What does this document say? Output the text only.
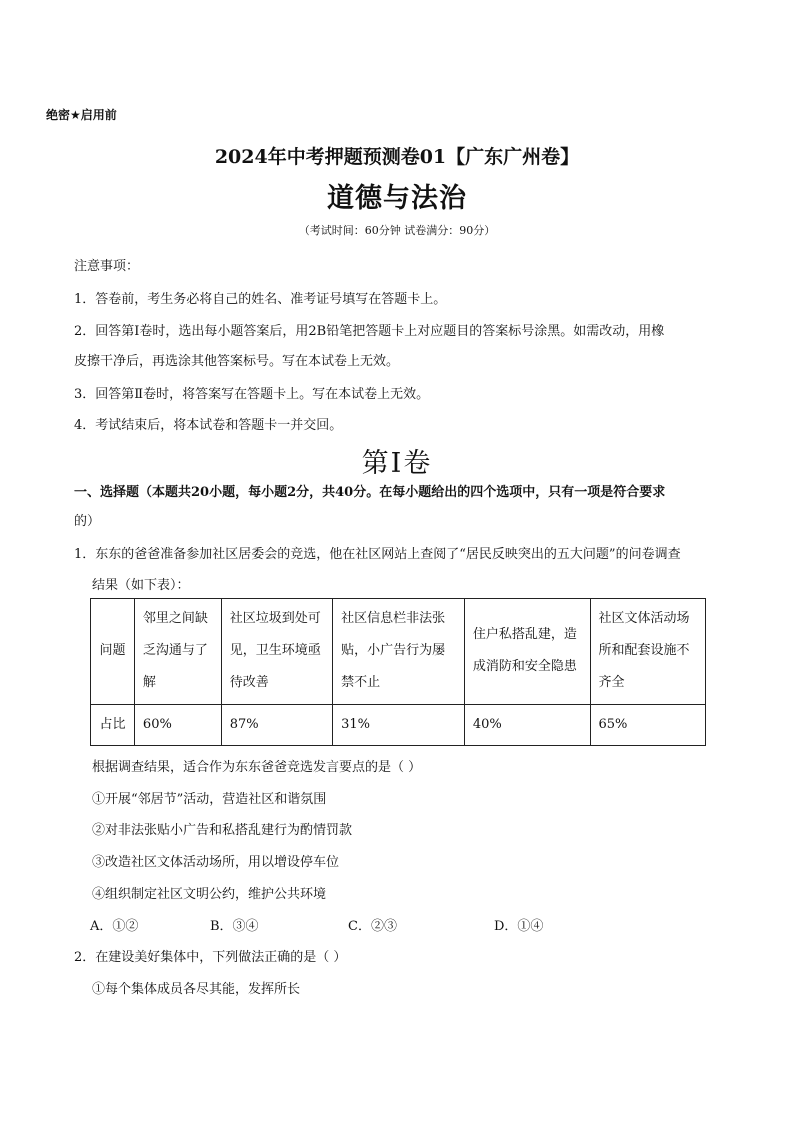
绝密★启用前
2024年中考押题预测卷01【广东广州卷】
道德与法治
（考试时间：60分钟 试卷满分：90分）
注意事项：
1．答卷前，考生务必将自己的姓名、准考证号填写在答题卡上。
2．回答第Ⅰ卷时，选出每小题答案后，用2B铅笔把答题卡上对应题目的答案标号涂黑。如需改动，用橡
皮擦干净后，再选涂其他答案标号。写在本试卷上无效。
3．回答第Ⅱ卷时，将答案写在答题卡上。写在本试卷上无效。
4．考试结束后，将本试卷和答题卡一并交回。
第Ⅰ卷
一、选择题（本题共20小题，每小题2分，共40分。在每小题给出的四个选项中，只有一项是符合要求
的）
1．东东的爸爸准备参加社区居委会的竞选，他在社区网站上查阅了“居民反映突出的五大问题”的问卷调查
结果（如下表）：
问题	邻里之间缺乏沟通与了解	社区垃圾到处可见，卫生环境亟待改善	社区信息栏非法张贴，小广告行为屡禁不止	住户私搭乱建，造成消防和安全隐患	社区文体活动场所和配套设施不齐全
占比	60%	87%	31%	40%	65%
根据调查结果，适合作为东东爸爸竞选发言要点的是（ ）
①开展“邻居节”活动，营造社区和谐氛围
②对非法张贴小广告和私搭乱建行为酌情罚款
③改造社区文体活动场所，用以增设停车位
④组织制定社区文明公约，维护公共环境
A．①②	B．③④	C．②③	D．①④
2．在建设美好集体中，下列做法正确的是（ ）
①每个集体成员各尽其能，发挥所长
